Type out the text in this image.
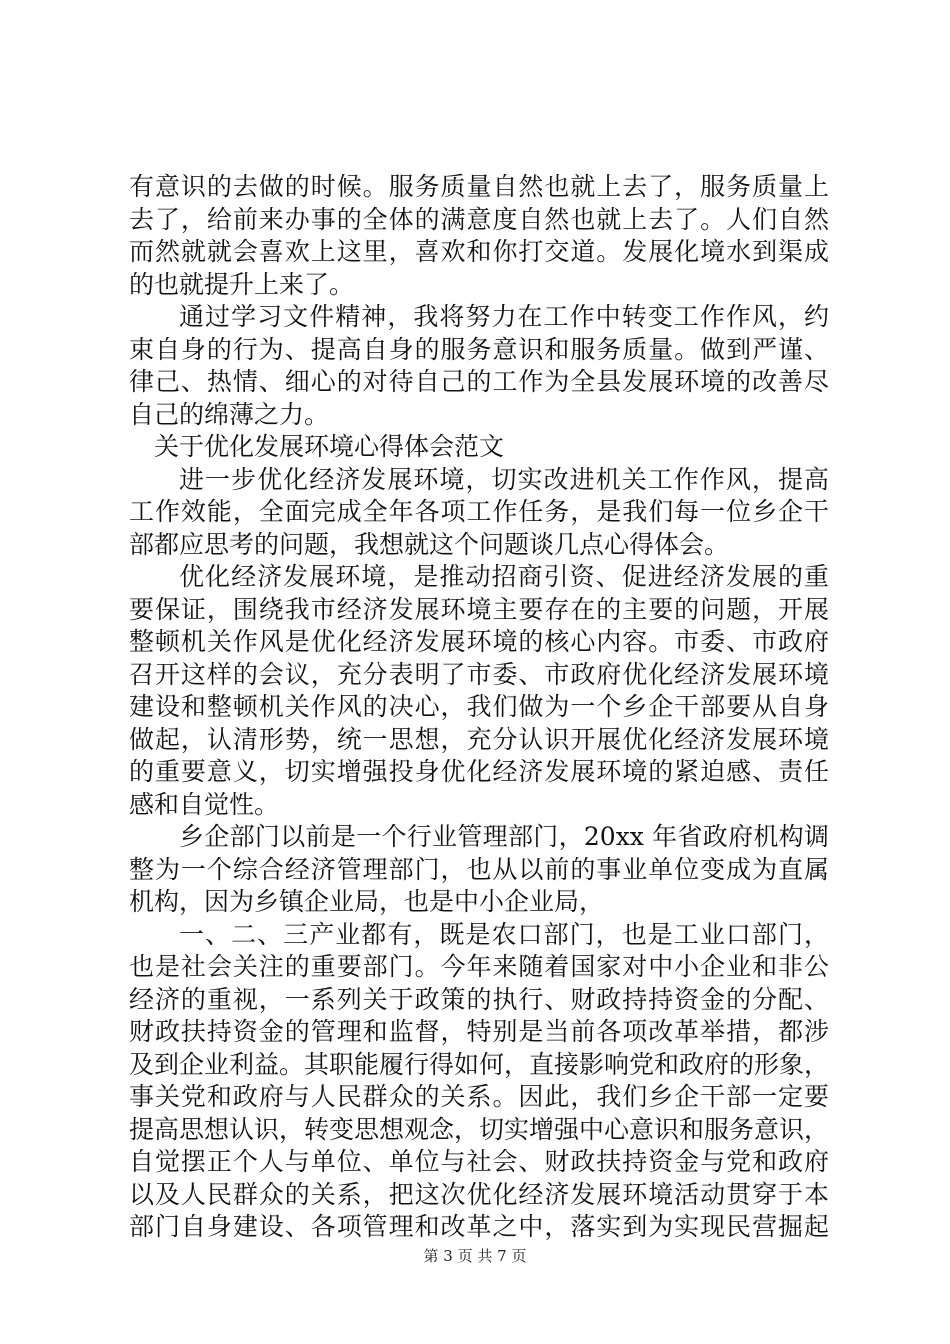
有意识的去做的时候。服务质量自然也就上去了，服务质量上
去了，给前来办事的全体的满意度自然也就上去了。人们自然
而然就就会喜欢上这里，喜欢和你打交道。发展化境水到渠成
的也就提升上来了。
通过学习文件精神，我将努力在工作中转变工作作风，约
束自身的行为、提高自身的服务意识和服务质量。做到严谨、
律己、热情、细心的对待自己的工作为全县发展环境的改善尽
自己的绵薄之力。
关于优化发展环境心得体会范文
进一步优化经济发展环境，切实改进机关工作作风，提高
工作效能，全面完成全年各项工作任务，是我们每一位乡企干
部都应思考的问题，我想就这个问题谈几点心得体会。
优化经济发展环境，是推动招商引资、促进经济发展的重
要保证，围绕我市经济发展环境主要存在的主要的问题，开展
整顿机关作风是优化经济发展环境的核心内容。市委、市政府
召开这样的会议，充分表明了市委、市政府优化经济发展环境
建设和整顿机关作风的决心，我们做为一个乡企干部要从自身
做起，认清形势，统一思想，充分认识开展优化经济发展环境
的重要意义，切实增强投身优化经济发展环境的紧迫感、责任
感和自觉性。
乡企部门以前是一个行业管理部门，20xx 年省政府机构调
整为一个综合经济管理部门，也从以前的事业单位变成为直属
机构，因为乡镇企业局，也是中小企业局，
一、二、三产业都有，既是农口部门，也是工业口部门，
也是社会关注的重要部门。今年来随着国家对中小企业和非公
经济的重视，一系列关于政策的执行、财政持持资金的分配、
财政扶持资金的管理和监督，特别是当前各项改革举措，都涉
及到企业利益。其职能履行得如何，直接影响党和政府的形象，
事关党和政府与人民群众的关系。因此，我们乡企干部一定要
提高思想认识，转变思想观念，切实增强中心意识和服务意识，
自觉摆正个人与单位、单位与社会、财政扶持资金与党和政府
以及人民群众的关系，把这次优化经济发展环境活动贯穿于本
部门自身建设、各项管理和改革之中，落实到为实现民营掘起
第 3 页 共 7 页
